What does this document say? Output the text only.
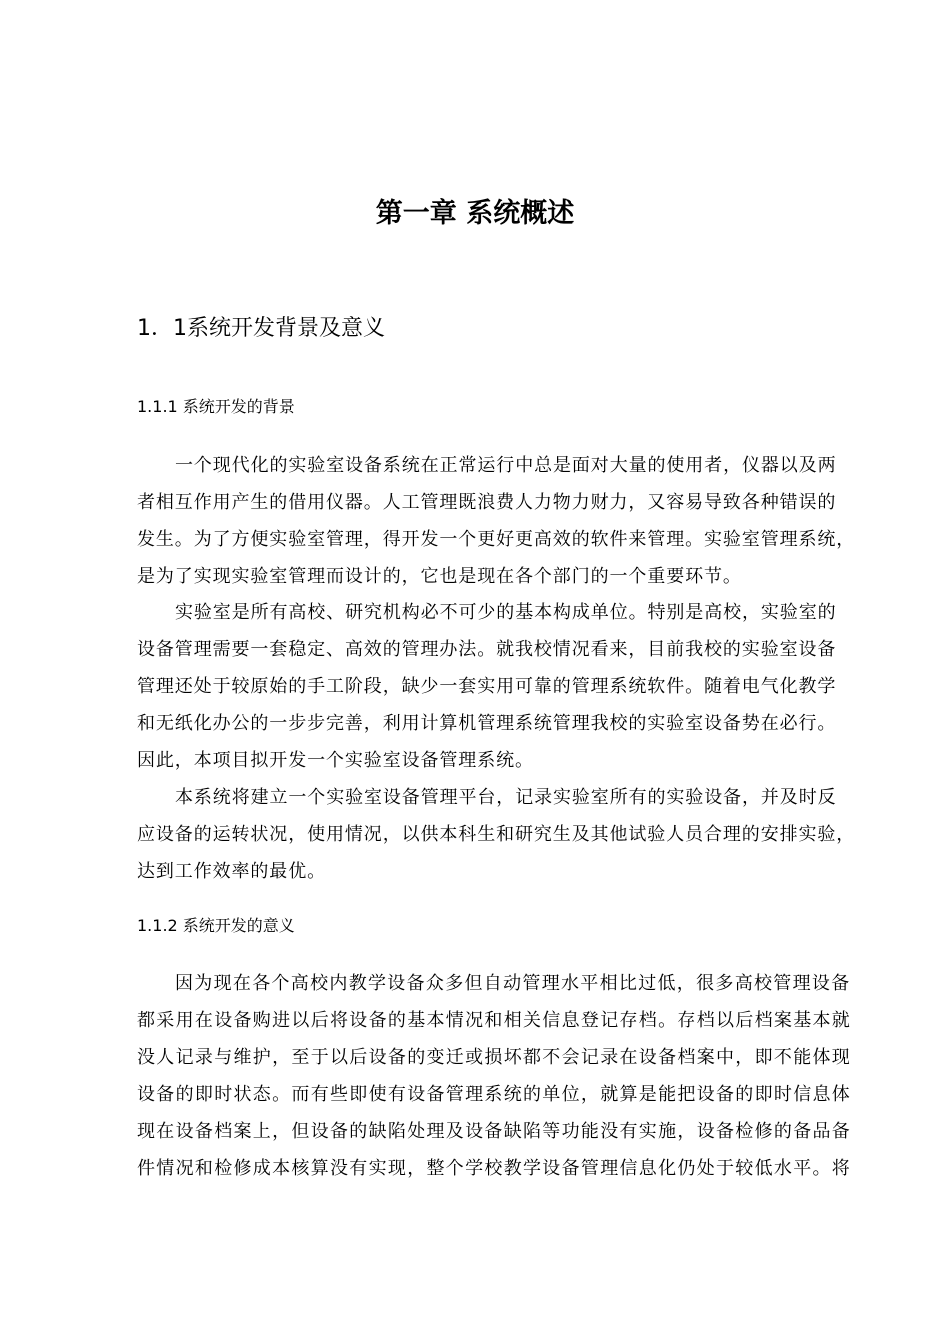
第一章 系统概述
1．1系统开发背景及意义
1.1.1 系统开发的背景
一个现代化的实验室设备系统在正常运行中总是面对大量的使用者，仪器以及两
者相互作用产生的借用仪器。人工管理既浪费人力物力财力，又容易导致各种错误的
发生。为了方便实验室管理，得开发一个更好更高效的软件来管理。实验室管理系统，
是为了实现实验室管理而设计的，它也是现在各个部门的一个重要环节。
实验室是所有高校、研究机构必不可少的基本构成单位。特别是高校，实验室的
设备管理需要一套稳定、高效的管理办法。就我校情况看来，目前我校的实验室设备
管理还处于较原始的手工阶段，缺少一套实用可靠的管理系统软件。随着电气化教学
和无纸化办公的一步步完善，利用计算机管理系统管理我校的实验室设备势在必行。
因此，本项目拟开发一个实验室设备管理系统。
本系统将建立一个实验室设备管理平台，记录实验室所有的实验设备，并及时反
应设备的运转状况，使用情况，以供本科生和研究生及其他试验人员合理的安排实验，
达到工作效率的最优。
1.1.2 系统开发的意义
因为现在各个高校内教学设备众多但自动管理水平相比过低，很多高校管理设备
都采用在设备购进以后将设备的基本情况和相关信息登记存档。存档以后档案基本就
没人记录与维护，至于以后设备的变迁或损坏都不会记录在设备档案中，即不能体现
设备的即时状态。而有些即使有设备管理系统的单位，就算是能把设备的即时信息体
现在设备档案上，但设备的缺陷处理及设备缺陷等功能没有实施，设备检修的备品备
件情况和检修成本核算没有实现，整个学校教学设备管理信息化仍处于较低水平。将
